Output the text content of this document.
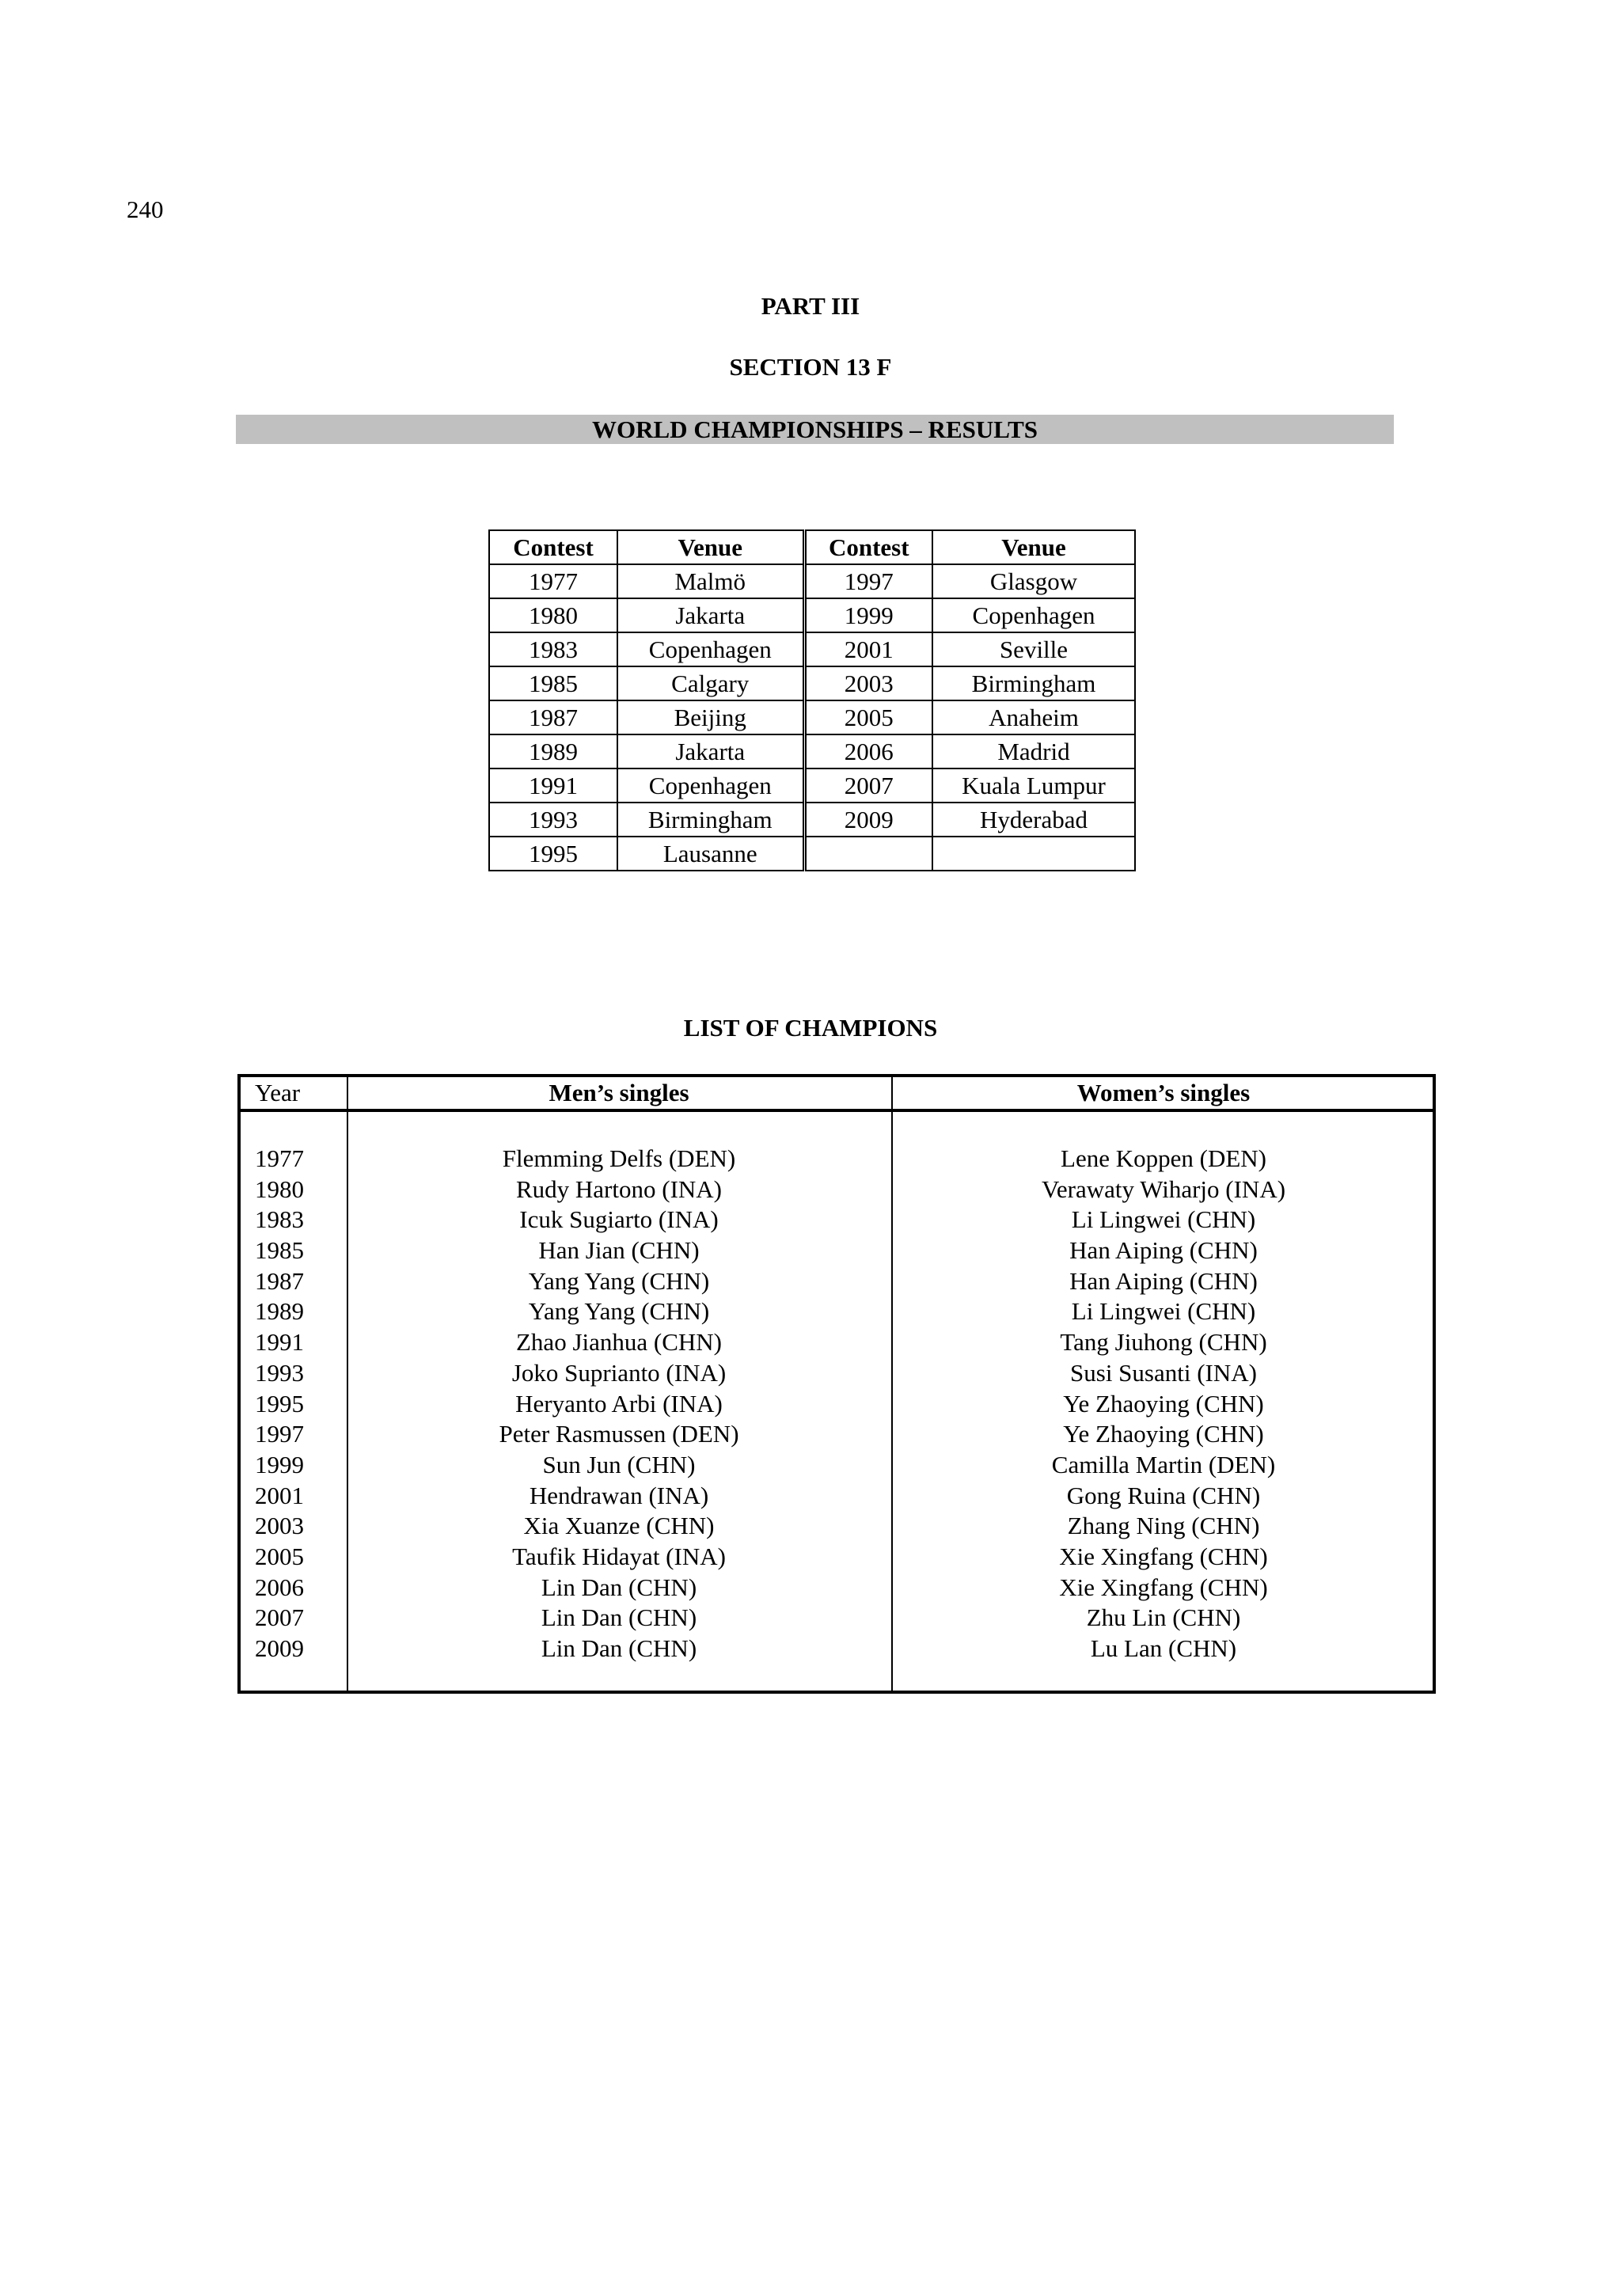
240
PART III
SECTION 13 F
WORLD CHAMPIONSHIPS – RESULTS
Contest	Venue	Contest	Venue
1977	Malmö	1997	Glasgow
1980	Jakarta	1999	Copenhagen
1983	Copenhagen	2001	Seville
1985	Calgary	2003	Birmingham
1987	Beijing	2005	Anaheim
1989	Jakarta	2006	Madrid
1991	Copenhagen	2007	Kuala Lumpur
1993	Birmingham	2009	Hyderabad
1995	Lausanne		
LIST OF CHAMPIONS
Year	Men’s singles	Women’s singles
1977	Flemming Delfs (DEN)	Lene Koppen (DEN)
1980	Rudy Hartono (INA)	Verawaty Wiharjo (INA)
1983	Icuk Sugiarto (INA)	Li Lingwei (CHN)
1985	Han Jian (CHN)	Han Aiping (CHN)
1987	Yang Yang (CHN)	Han Aiping (CHN)
1989	Yang Yang (CHN)	Li Lingwei (CHN)
1991	Zhao Jianhua (CHN)	Tang Jiuhong (CHN)
1993	Joko Suprianto (INA)	Susi Susanti (INA)
1995	Heryanto Arbi (INA)	Ye Zhaoying (CHN)
1997	Peter Rasmussen (DEN)	Ye Zhaoying (CHN)
1999	Sun Jun (CHN)	Camilla Martin (DEN)
2001	Hendrawan (INA)	Gong Ruina (CHN)
2003	Xia Xuanze (CHN)	Zhang Ning (CHN)
2005	Taufik Hidayat (INA)	Xie Xingfang (CHN)
2006	Lin Dan (CHN)	Xie Xingfang (CHN)
2007	Lin Dan (CHN)	Zhu Lin (CHN)
2009	Lin Dan (CHN)	Lu Lan (CHN)
